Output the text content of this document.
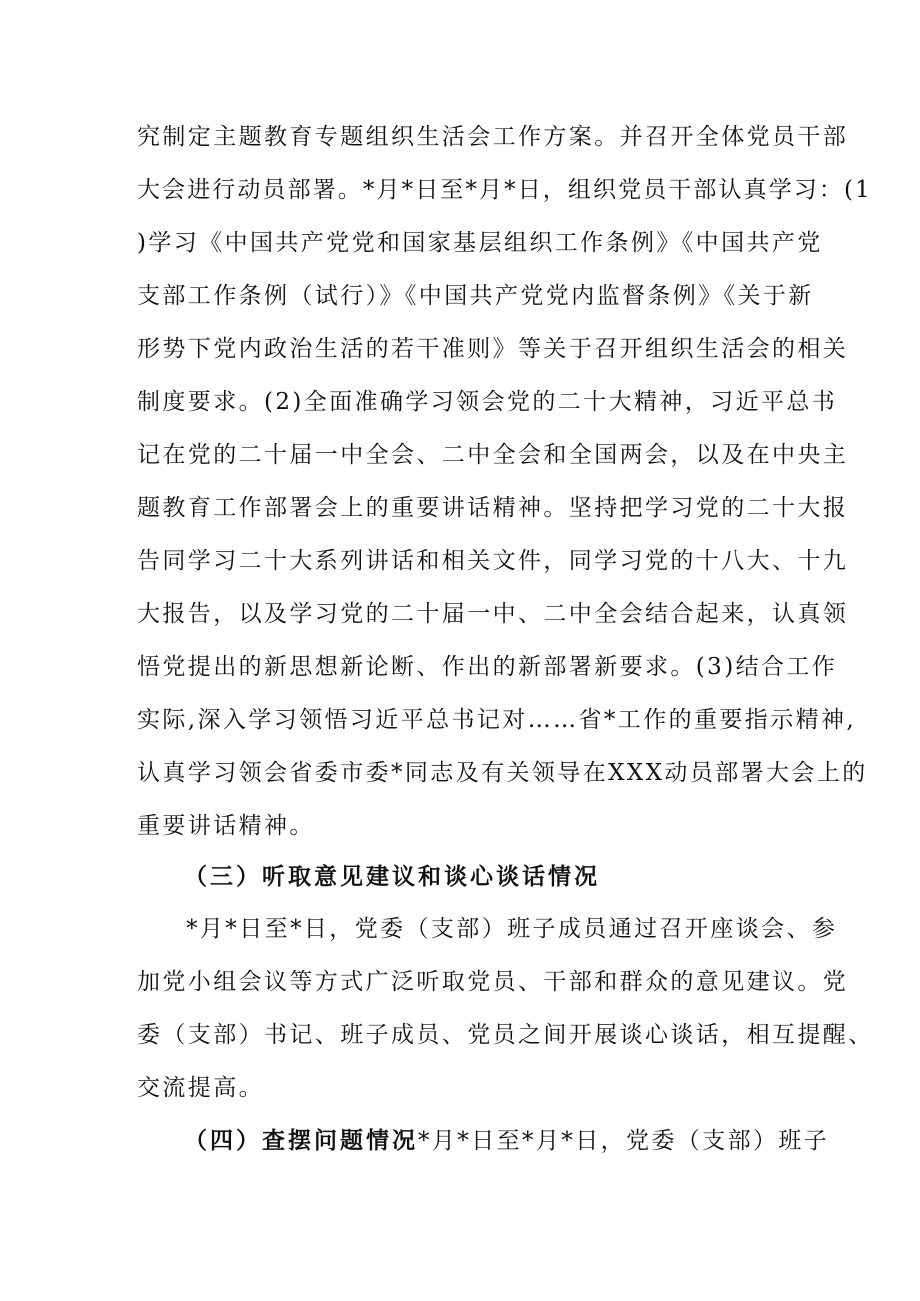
究制定主题教育专题组织生活会工作方案。并召开全体党员干部
大会进行动员部署。*月*日至*月*日，组织党员干部认真学习：(1
)学习《中国共产党党和国家基层组织工作条例》《中国共产党
支部工作条例（试行）》《中国共产党党内监督条例》《关于新
形势下党内政治生活的若干准则》等关于召开组织生活会的相关
制度要求。(2)全面准确学习领会党的二十大精神，习近平总书
记在党的二十届一中全会、二中全会和全国两会，以及在中央主
题教育工作部署会上的重要讲话精神。坚持把学习党的二十大报
告同学习二十大系列讲话和相关文件，同学习党的十八大、十九
大报告，以及学习党的二十届一中、二中全会结合起来，认真领
悟党提出的新思想新论断、作出的新部署新要求。(3)结合工作
实际,深入学习领悟习近平总书记对……省*工作的重要指示精神,
认真学习领会省委市委*同志及有关领导在XXX动员部署大会上的
重要讲话精神。
（三）听取意见建议和谈心谈话情况
*月*日至*日，党委（支部）班子成员通过召开座谈会、参
加党小组会议等方式广泛听取党员、干部和群众的意见建议。党
委（支部）书记、班子成员、党员之间开展谈心谈话，相互提醒、
交流提高。
（四）查摆问题情况*月*日至*月*日，党委（支部）班子
